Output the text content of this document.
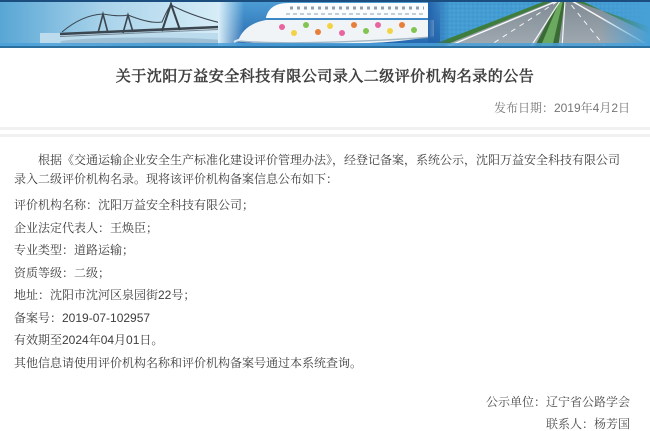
关于沈阳万益安全科技有限公司录入二级评价机构名录的公告
发布日期：2019年4月2日

根据《交通运输企业安全生产标准化建设评价管理办法》，经登记备案，系统公示，沈阳万益安全科技有限公司录入二级评价机构名录。现将该评价机构备案信息公布如下：

评价机构名称：沈阳万益安全科技有限公司；

企业法定代表人：王焕臣；

专业类型：道路运输；

资质等级：二级；

地址：沈阳市沈河区泉园街22号；

备案号：2019-07-102957

有效期至2024年04月01日。

其他信息请使用评价机构名称和评价机构备案号通过本系统查询。

公示单位：辽宁省公路学会

联系人：杨芳国
